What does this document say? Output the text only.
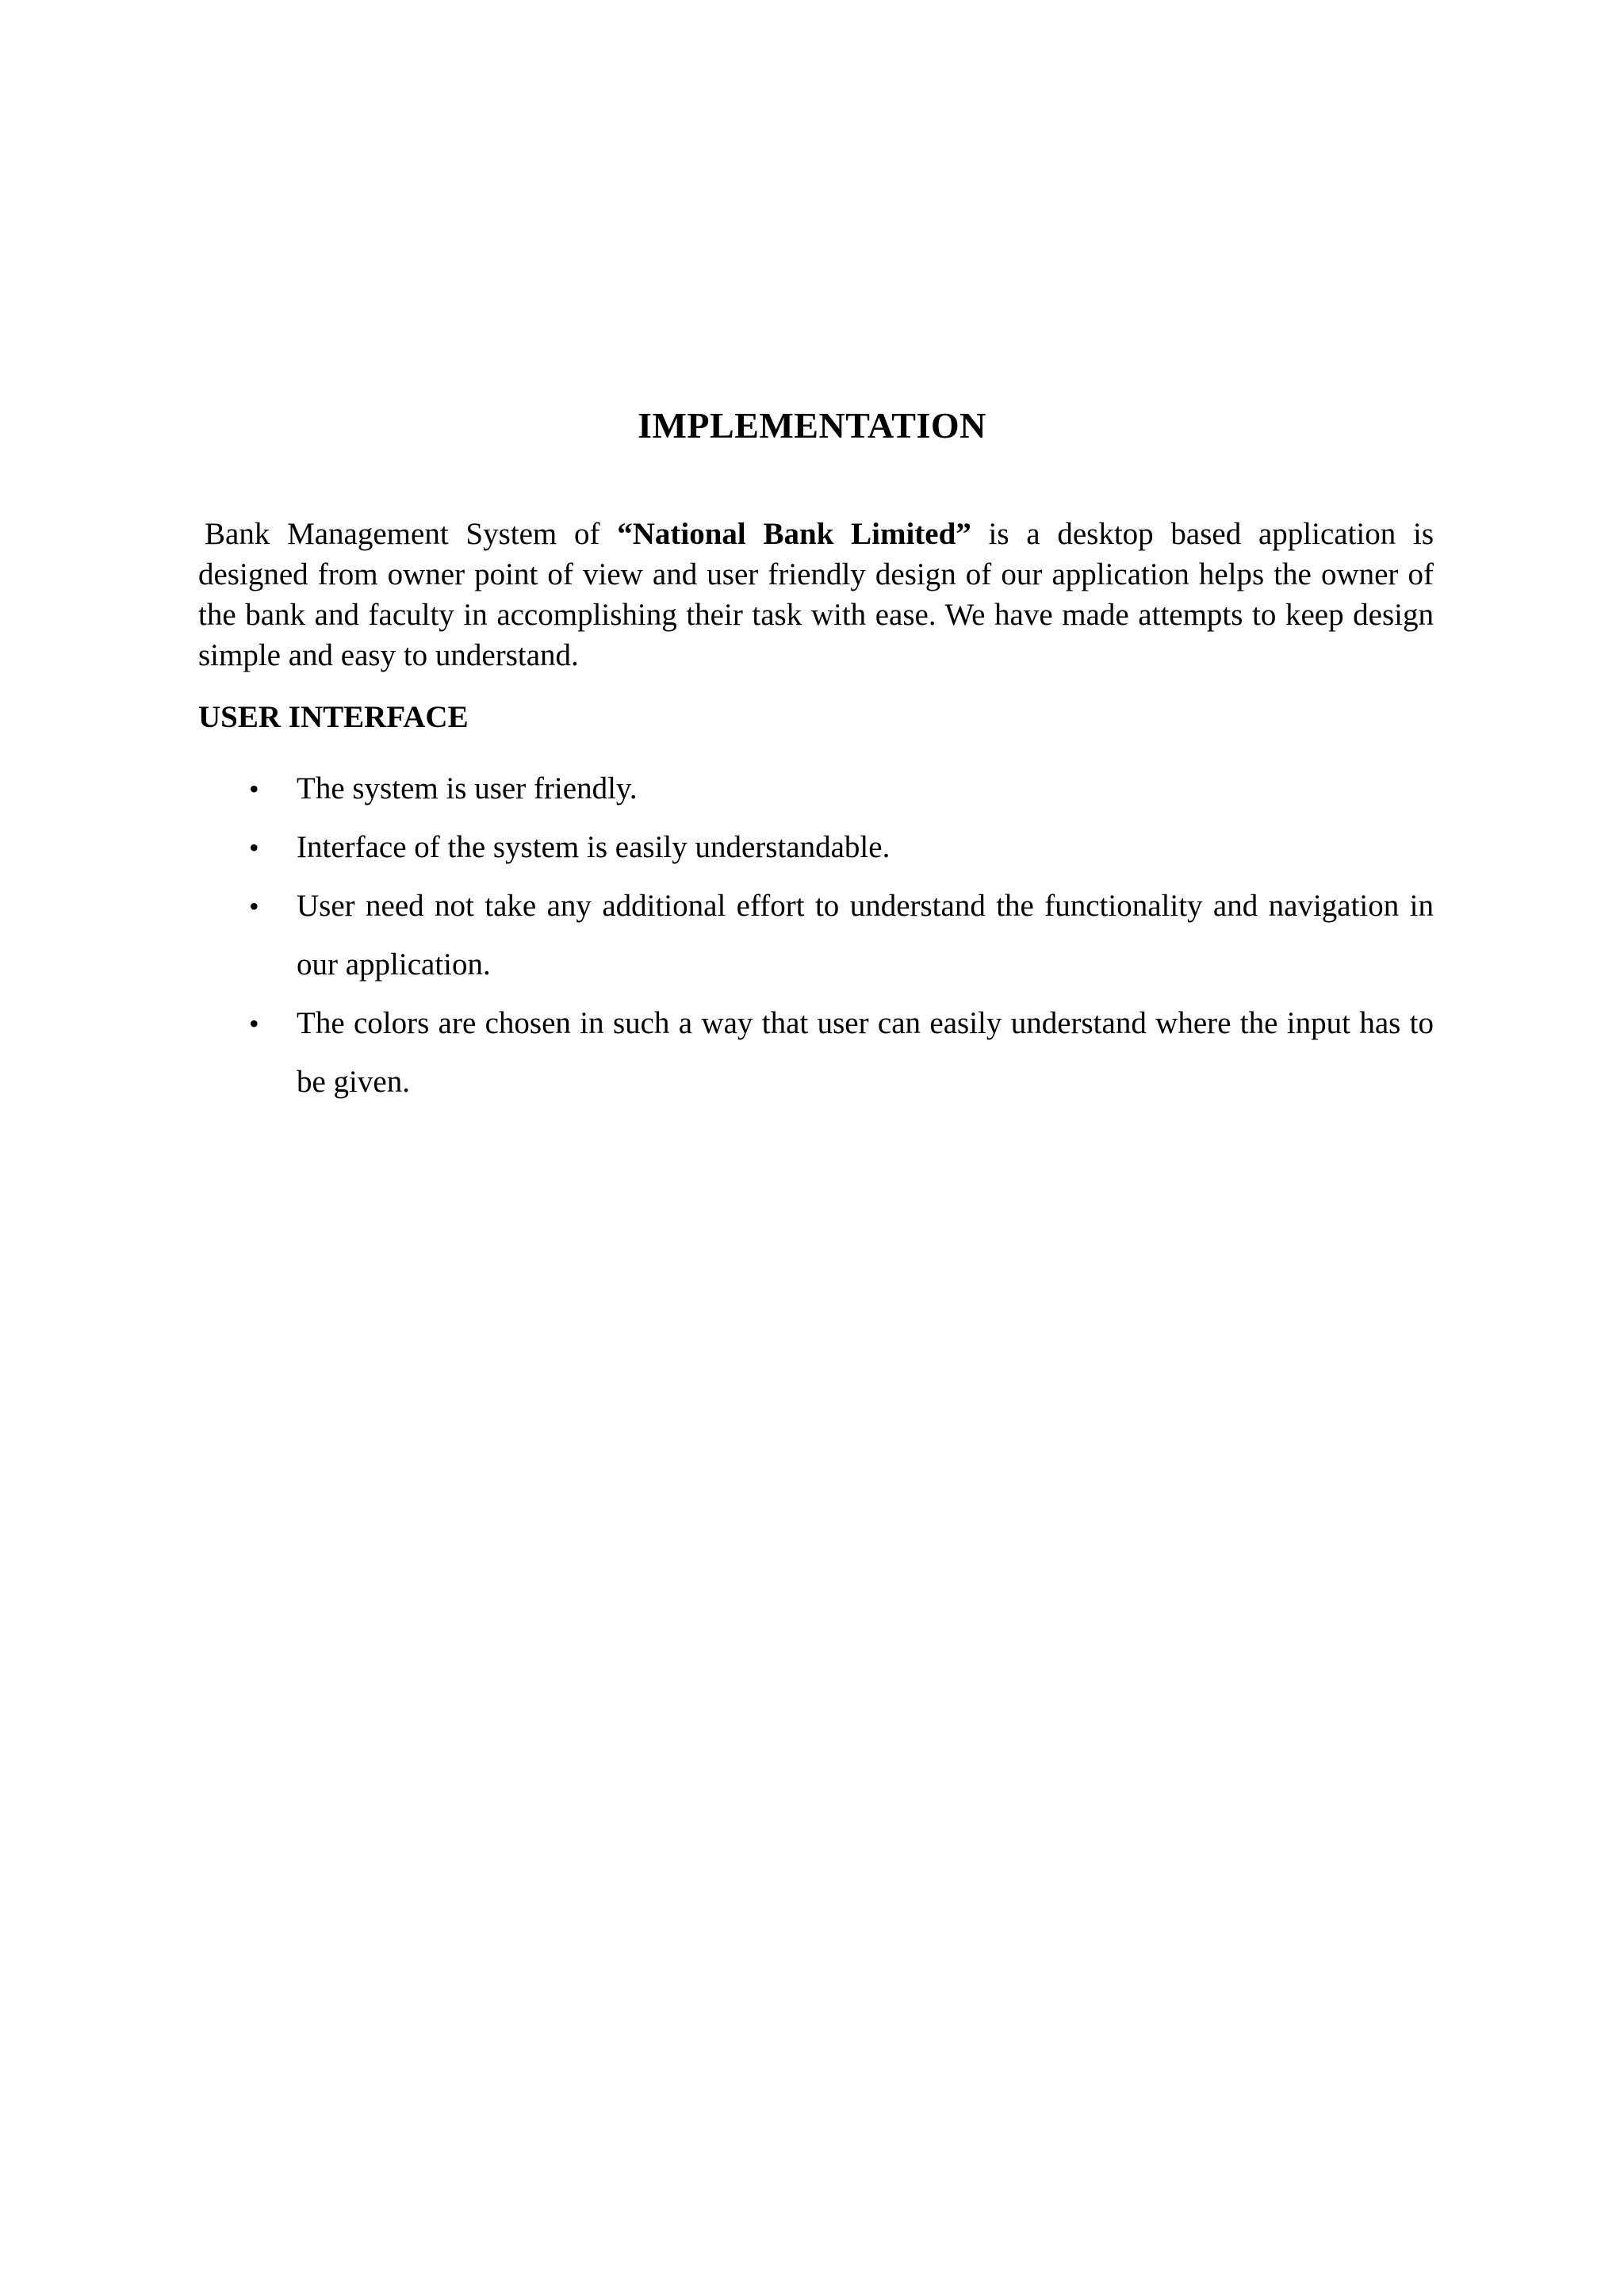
IMPLEMENTATION

Bank Management System of “National Bank Limited” is a desktop based application is designed from owner point of view and user friendly design of our application helps the owner of the bank and faculty in accomplishing their task with ease. We have made attempts to keep design simple and easy to understand.

USER INTERFACE
• The system is user friendly.
• Interface of the system is easily understandable.
• User need not take any additional effort to understand the functionality and navigation in our application.
• The colors are chosen in such a way that user can easily understand where the input has to be given.
